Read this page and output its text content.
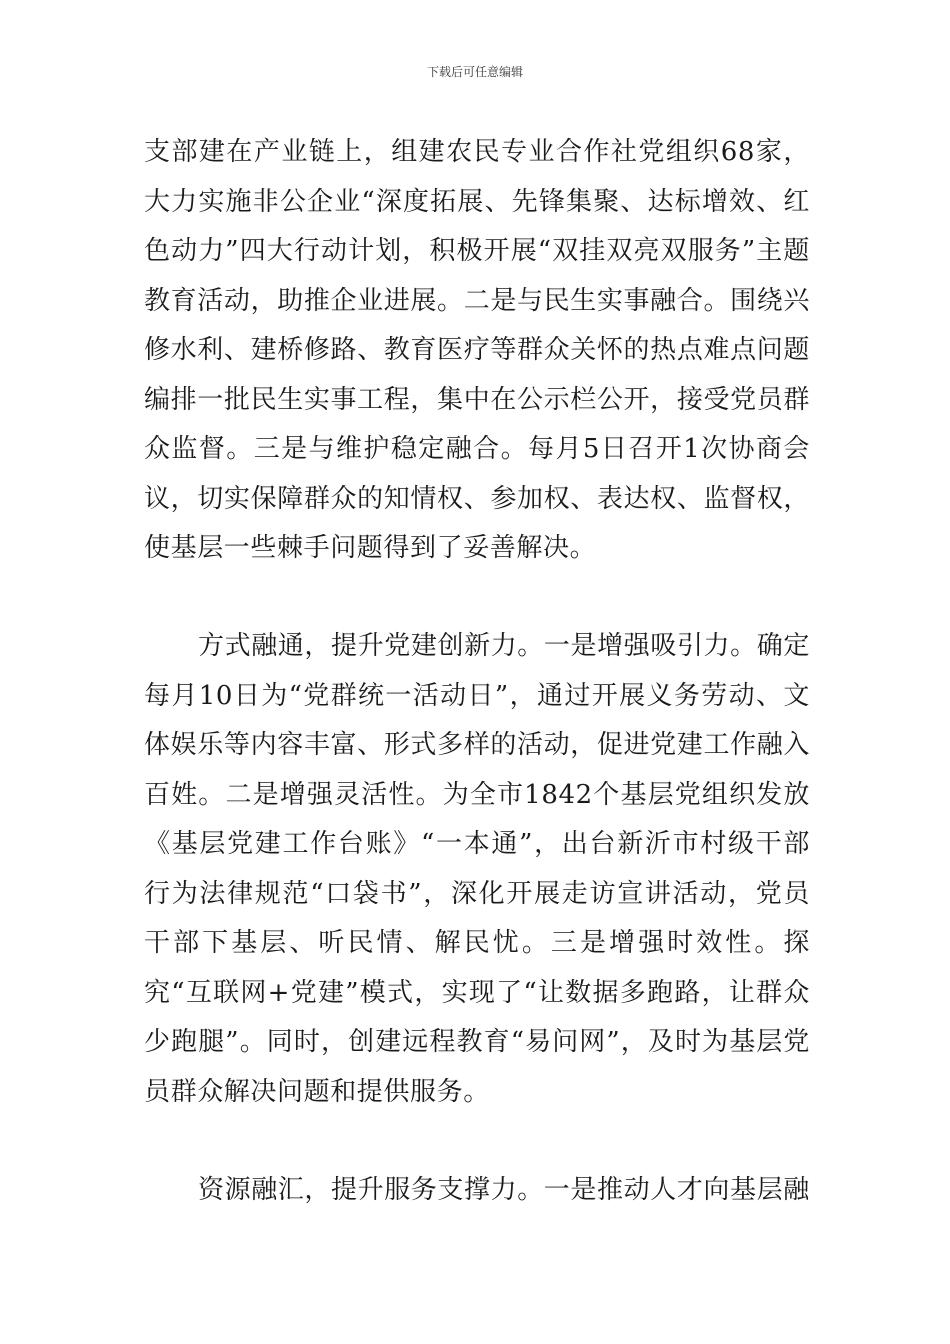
下载后可任意编辑

支部建在产业链上，组建农民专业合作社党组织68家，大力实施非公企业“深度拓展、先锋集聚、达标增效、红色动力”四大行动计划，积极开展“双挂双亮双服务”主题教育活动，助推企业进展。二是与民生实事融合。围绕兴修水利、建桥修路、教育医疗等群众关怀的热点难点问题编排一批民生实事工程，集中在公示栏公开，接受党员群众监督。三是与维护稳定融合。每月5日召开1次协商会议，切实保障群众的知情权、参加权、表达权、监督权，使基层一些棘手问题得到了妥善解决。

方式融通，提升党建创新力。一是增强吸引力。确定每月10日为“党群统一活动日”，通过开展义务劳动、文体娱乐等内容丰富、形式多样的活动，促进党建工作融入百姓。二是增强灵活性。为全市1842个基层党组织发放《基层党建工作台账》“一本通”，出台新沂市村级干部行为法律规范“口袋书”，深化开展走访宣讲活动，党员干部下基层、听民情、解民忧。三是增强时效性。探究“互联网+党建”模式，实现了“让数据多跑路，让群众少跑腿”。同时，创建远程教育“易问网”，及时为基层党员群众解决问题和提供服务。

资源融汇，提升服务支撑力。一是推动人才向基层融
